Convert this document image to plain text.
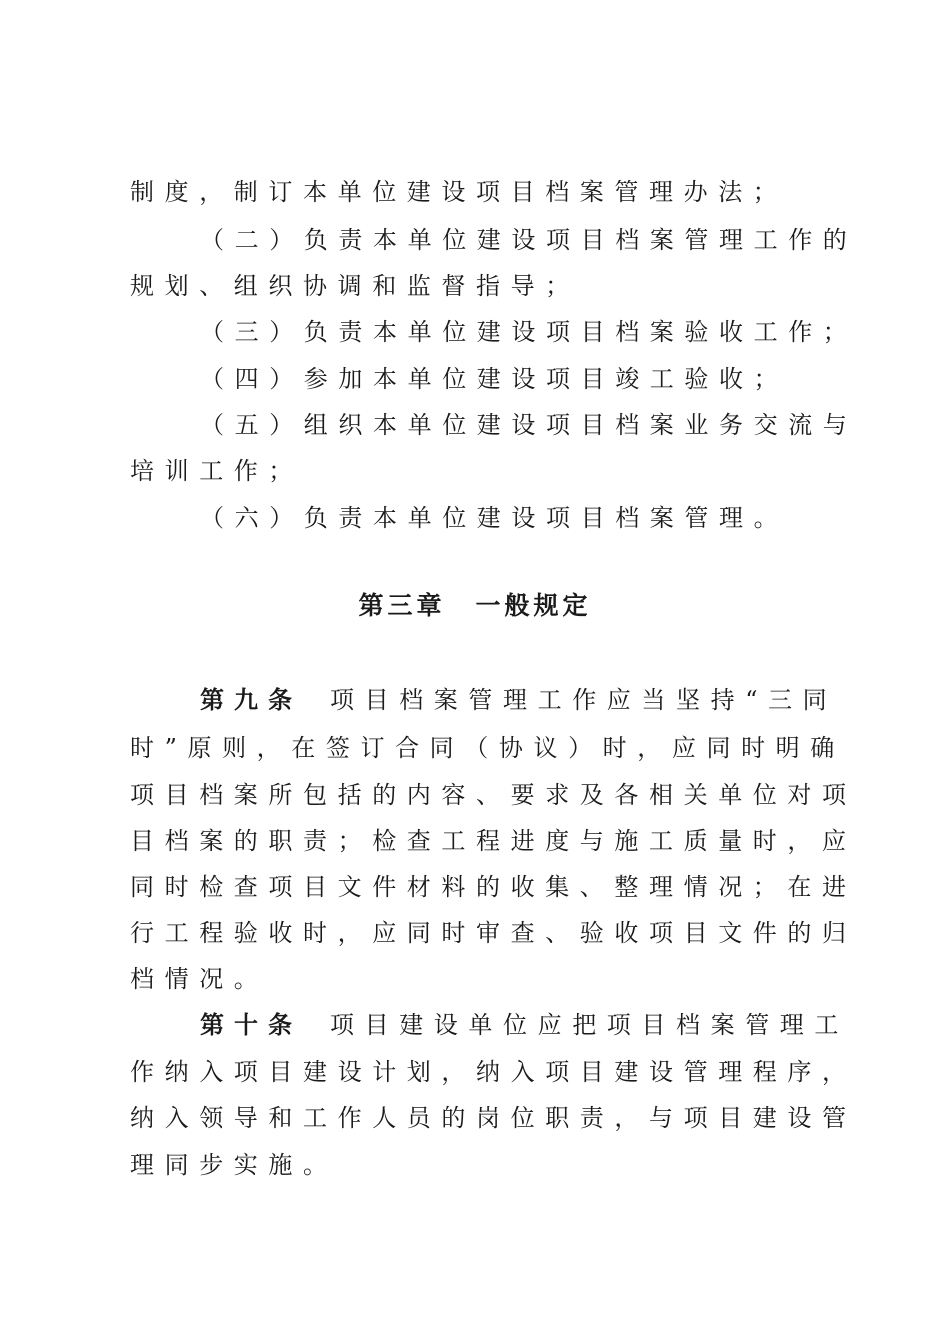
制度，制订本单位建设项目档案管理办法；
（二）负责本单位建设项目档案管理工作的
规划、组织协调和监督指导；
（三）负责本单位建设项目档案验收工作；
（四）参加本单位建设项目竣工验收；
（五）组织本单位建设项目档案业务交流与
培训工作；
（六）负责本单位建设项目档案管理。
第三章 一般规定
第九条 项目档案管理工作应当坚持“三同
时”原则，在签订合同（协议）时，应同时明确
项目档案所包括的内容、要求及各相关单位对项
目档案的职责；检查工程进度与施工质量时，应
同时检查项目文件材料的收集、整理情况；在进
行工程验收时，应同时审查、验收项目文件的归
档情况。
第十条 项目建设单位应把项目档案管理工
作纳入项目建设计划，纳入项目建设管理程序，
纳入领导和工作人员的岗位职责，与项目建设管
理同步实施。
